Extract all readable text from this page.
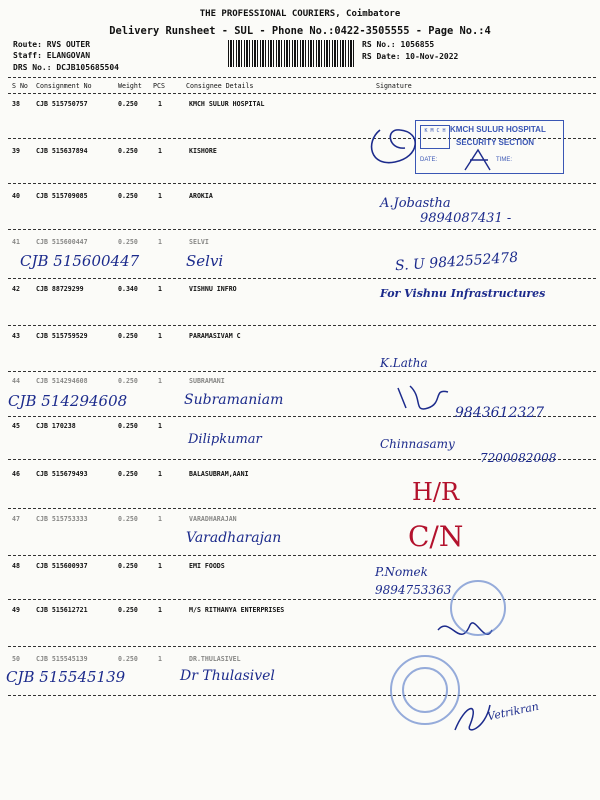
THE PROFESSIONAL COURIERS, Coimbatore
Delivery Runsheet - SUL - Phone No.:0422-3505555 - Page No.:4
Route: RVS OUTER
Staff: ELANGOVAN
DRS No.: DCJB105685504
RS No.: 1056855
RS Date: 10-Nov-2022
S No Consignment No	Weight PCS	Consignee Details	Signature
38 CJB 515750757	0.250	1	KMCH SULUR HOSPITAL
39 CJB 515637894	0.250	1	KISHORE
40 CJB 515709085	0.250	1	AROKIA
41 CJB 515600447	0.250	1	SELVI
42 CJB 88729299	0.340	1	VISHNU INFRO
43 CJB 515759529	0.250	1	PARAMASIVAM C
44 CJB 514294608	0.250	1	SUBRAMANI
45 CJB 170238	0.250	1
46 CJB 515679493	0.250	1	BALASUBRAM,AANI
47 CJB 515753333	0.250	1	VARADHARAJAN
48 CJB 515600937	0.250	1	EMI FOODS
49 CJB 515612721	0.250	1	M/S RITHANYA ENTERPRISES
50 CJB 515545139	0.250	1	DR.THULASIVEL
K M C H KMCH SULUR HOSPITAL
SECURITY SECTION
DATE:	TIME:
CJB 515600447	Selvi	S. U 9842552478
A.Jobastha
9894087431 -
For Vishnu Infrastructures
K.Latha
CJB 514294608	Subramaniam
9843612327
Dilipkumar	Chinnasamy
7200082008
H/R
Varadharajan	C/N
P.Nomek
9894753363
CJB 515545139	Dr Thulasivel
Vetrikran
